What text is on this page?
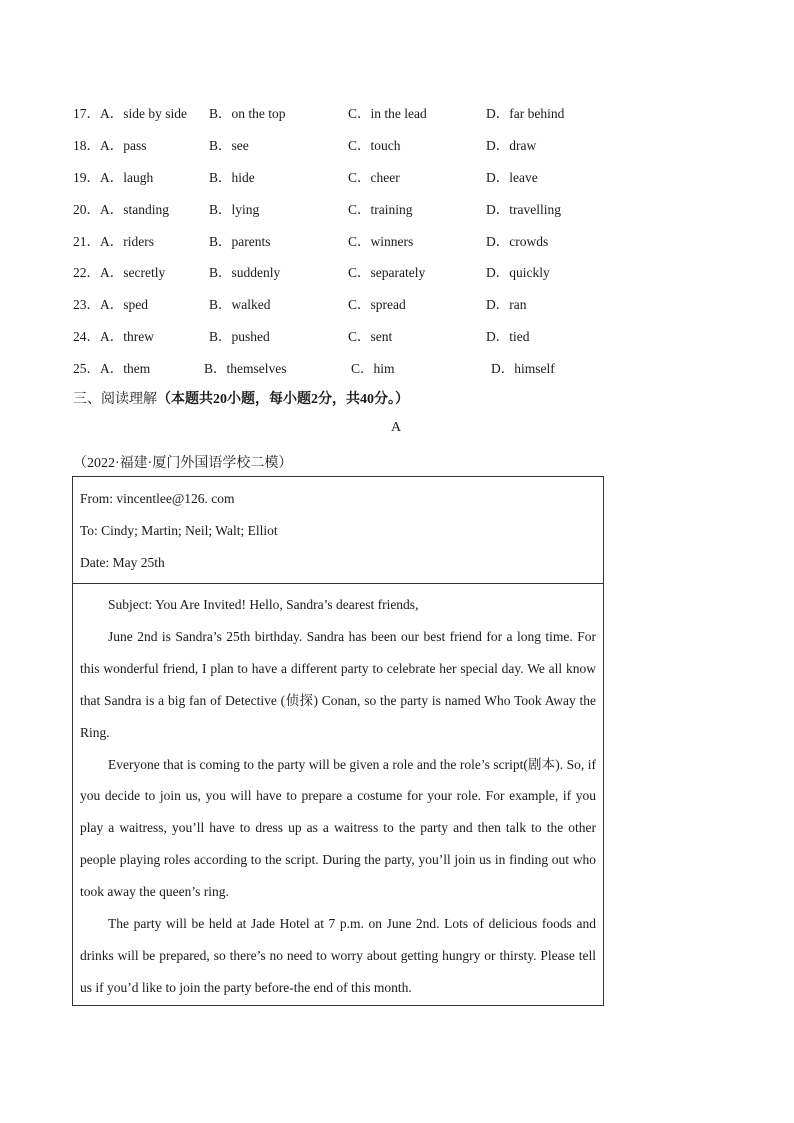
17． A．side by side B．on the top	C．in the lead	D．far behind
18． A．pass	B．see	C．touch	D．draw
19． A．laugh	B．hide	C．cheer	D．leave
20． A．standing	B．lying	C．training	D．travelling
21． A．riders	B．parents	C．winners	D．crowds
22． A．secretly	B．suddenly	C．separately	D．quickly
23． A．sped	B．walked	C．spread	D．ran
24． A．threw	B．pushed	C．sent	D．tied
25． A．them	B．themselves	C．him	D．himself
三、阅读理解（本题共20小题，每小题2分，共40分。）
A
（2022·福建·厦门外国语学校二模）
From: vincentlee@126. com
To: Cindy; Martin; Neil; Walt; Elliot
Date: May 25th

Subject: You Are Invited! Hello, Sandra’s dearest friends,

June 2nd is Sandra’s 25th birthday. Sandra has been our best friend for a long time. For this wonderful friend, I plan to have a different party to celebrate her special day. We all know that Sandra is a big fan of Detective (侦探) Conan, so the party is named Who Took Away the Ring.

Everyone that is coming to the party will be given a role and the role’s script(剧本). So, if you decide to join us, you will have to prepare a costume for your role. For example, if you play a waitress, you’ll have to dress up as a waitress to the party and then talk to the other people playing roles according to the script. During the party, you’ll join us in finding out who took away the queen’s ring.

The party will be held at Jade Hotel at 7 p.m. on June 2nd. Lots of delicious foods and drinks will be prepared, so there’s no need to worry about getting hungry or thirsty. Please tell us if you’d like to join the party before-the end of this month.
